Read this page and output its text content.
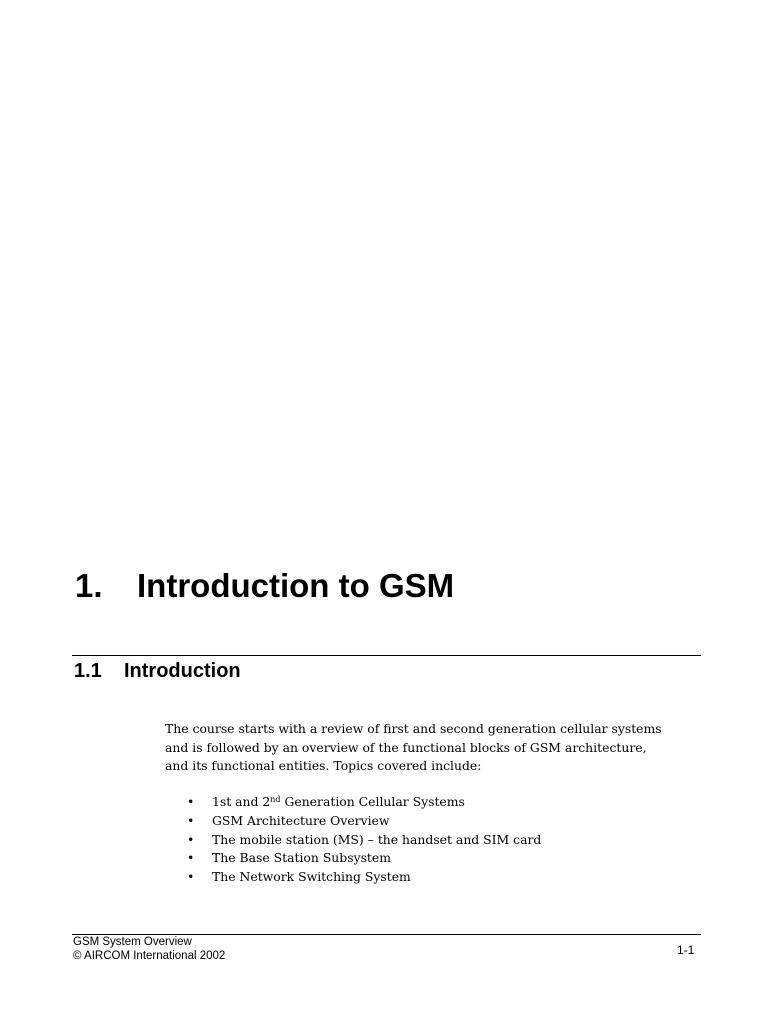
1. Introduction to GSM
1.1 Introduction

The course starts with a review of first and second generation cellular systems
and is followed by an overview of the functional blocks of GSM architecture,
and its functional entities. Topics covered include:

• 1st and 2nd Generation Cellular Systems
• GSM Architecture Overview
• The mobile station (MS) – the handset and SIM card
• The Base Station Subsystem
• The Network Switching System
GSM System Overview
© AIRCOM International 2002	1-1
